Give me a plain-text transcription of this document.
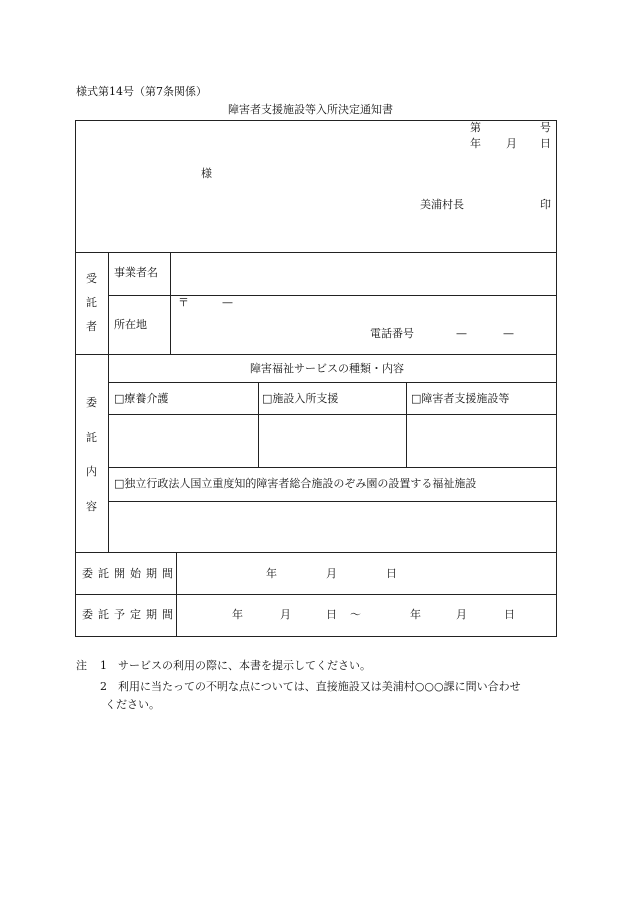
様式第14号（第7条関係）
障害者支援施設等入所決定通知書
第	号
年 月 日
様
美浦村長	印
受
託
者
事業者名
所在地
〒	—
電話番号	—	—
委
託
内
容
障害福祉サービスの種類・内容
□療養介護	□施設入所支援	□障害者支援施設等
□独立行政法人国立重度知的障害者総合施設のぞみ園の設置する福祉施設
委託開始期間	年	月	日
委託予定期間	年	月	日 ～	年	月	日
注 1 サービスの利用の際に、本書を提示してください。
2 利用に当たっての不明な点については、直接施設又は美浦村○○○課に問い合わせ
ください。
